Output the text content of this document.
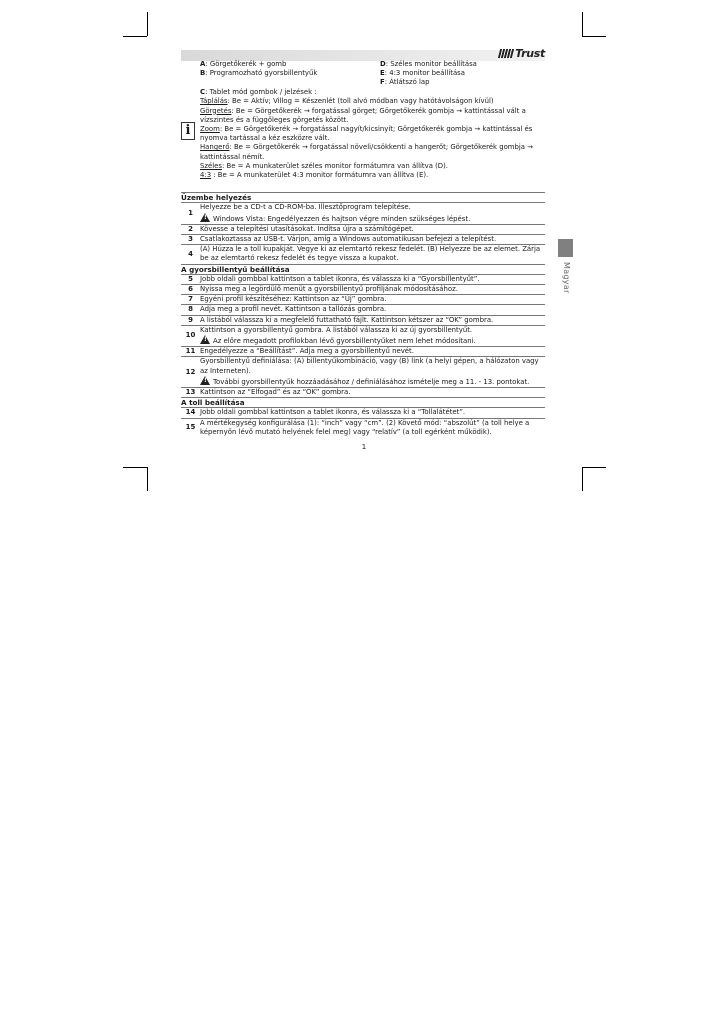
Magyar
Trust
i
A: Görgetőkerék + gomb
B: Programozható gyorsbillentyűk
D: Széles monitor beállítása
E: 4:3 monitor beállítása
F: Átlátszó lap
C: Tablet mód gombok / jelzések :
Táplálás: Be = Aktív; Villog = Készenlét (toll alvó módban vagy hatótávolságon kívül)
Görgetés: Be = Görgetőkerék → forgatással görget; Görgetőkerék gombja → kattintással vált a vízszintes és a függőleges görgetés között.
Zoom: Be = Görgetőkerék → forgatással nagyít/kicsinyít; Görgetőkerék gombja → kattintással és nyomva tartással a kéz eszközre vált.
Hangerő: Be = Görgetőkerék → forgatással növeli/csökkenti a hangerőt; Görgetőkerék gombja → kattintással némít.
Széles: Be = A munkaterület széles monitor formátumra van állítva (D).
4:3 : Be = A munkaterület 4:3 monitor formátumra van állítva (E).
Üzembe helyezés	
1	Helyezze be a CD-t a CD-ROM-ba. Illesztőprogram telepítése.
!Windows Vista: Engedélyezzen és hajtson végre minden szükséges lépést.

2	Kövesse a telepítési utasításokat. Indítsa újra a számítógépet.

3	Csatlakoztassa az USB-t. Várjon, amíg a Windows automatikusan befejezi a telepítést.

4	(A) Húzza le a toll kupakját. Vegye ki az elemtartó rekesz fedelét. (B) Helyezze be az elemet. Zárja be az elemtartó rekesz fedelét és tegye vissza a kupakot.

A gyorsbillentyű beállítása	
5	Jobb oldali gombbal kattintson a tablet ikonra, és válassza ki a “Gyorsbillentyűt”.

6	Nyissa meg a legördülő menüt a gyorsbillentyű profiljának módosításához.

7	Egyéni profil készítéséhez: Kattintson az “Új” gombra.

8	Adja meg a profil nevét. Kattintson a tallózás gombra.

9	A listából válassza ki a megfelelő futtatható fájlt. Kattintson kétszer az “OK” gombra.

10	Kattintson a gyorsbillentyű gombra. A listából válassza ki az új gyorsbillentyűt.
!Az előre megadott profilokban lévő gyorsbillentyűket nem lehet módosítani.

11	Engedélyezze a “Beállítást”. Adja meg a gyorsbillentyű nevét.

12	Gyorsbillentyű definiálása: (A) billentyűkombináció, vagy (B) link (a helyi gépen, a hálózaton vagy az Interneten).
!További gyorsbillentyűk hozzáadásához / definiálásához ismételje meg a 11. - 13. pontokat.

13	Kattintson az “Elfogad” és az “OK” gombra.

A toll beállítása	
14	Jobb oldali gombbal kattintson a tablet ikonra, és válassza ki a “Tollalátétet”.

15	A mértékegység konfigurálása (1): “inch” vagy “cm”. (2) Követő mód: “abszolút” (a toll helye a képernyőn lévő mutató helyének felel meg) vagy “relatív” (a toll egérként működik).
1
